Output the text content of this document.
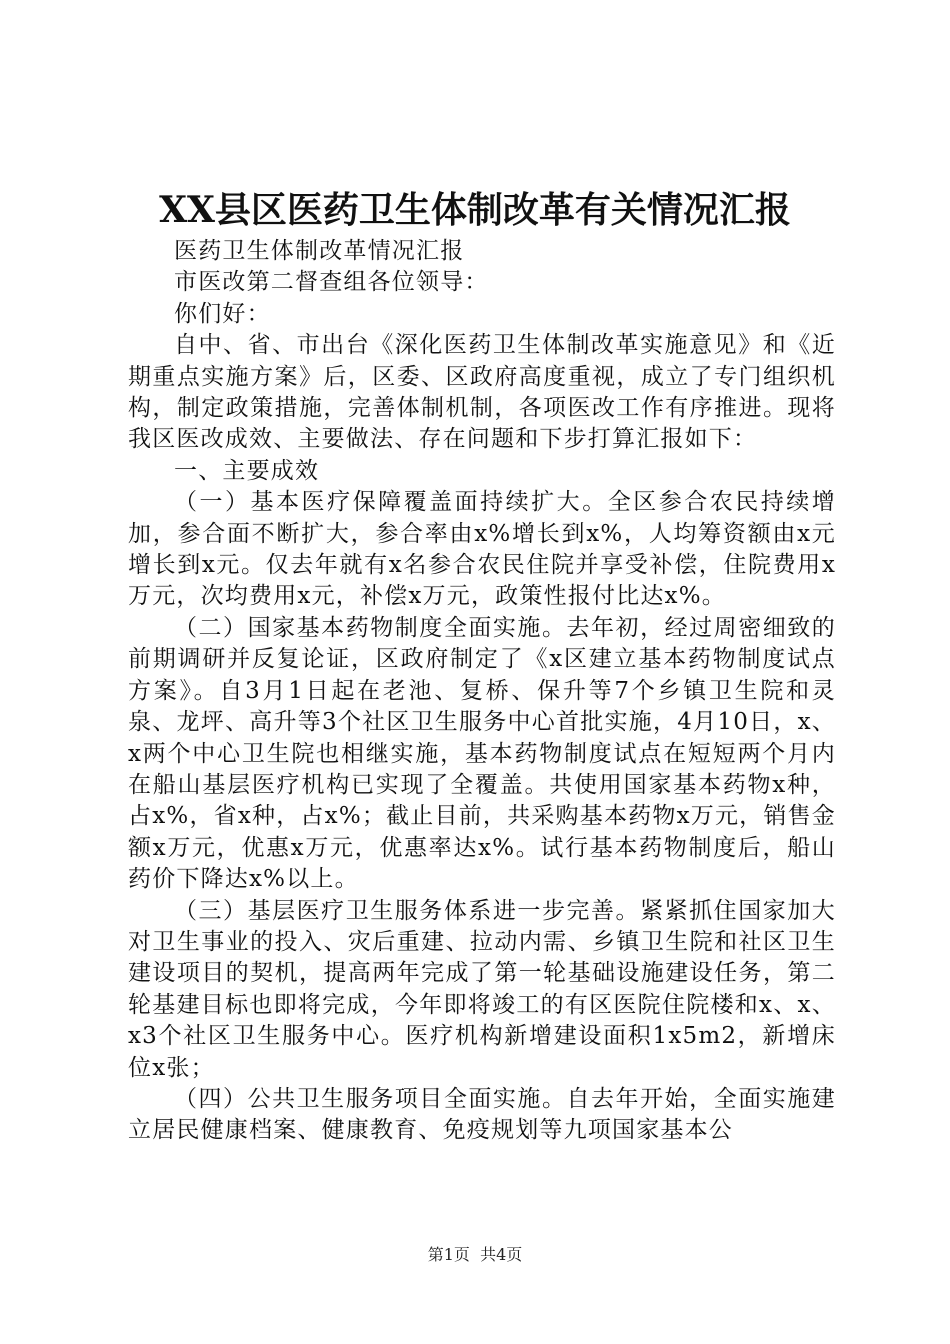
XX县区医药卫生体制改革有关情况汇报

医药卫生体制改革情况汇报

市医改第二督查组各位领导：

你们好：

自中、省、市出台《深化医药卫生体制改革实施意见》和《近期重点实施方案》后，区委、区政府高度重视，成立了专门组织机构，制定政策措施，完善体制机制，各项医改工作有序推进。现将我区医改成效、主要做法、存在问题和下步打算汇报如下：

一、主要成效

（一）基本医疗保障覆盖面持续扩大。全区参合农民持续增加，参合面不断扩大，参合率由x%增长到x%，人均筹资额由x元增长到x元。仅去年就有x名参合农民住院并享受补偿，住院费用x万元，次均费用x元，补偿x万元，政策性报付比达x%。

（二）国家基本药物制度全面实施。去年初，经过周密细致的前期调研并反复论证，区政府制定了《x区建立基本药物制度试点方案》。自3月1日起在老池、复桥、保升等7个乡镇卫生院和灵泉、龙坪、高升等3个社区卫生服务中心首批实施，4月10日，x、x两个中心卫生院也相继实施，基本药物制度试点在短短两个月内在船山基层医疗机构已实现了全覆盖。共使用国家基本药物x种，占x%，省x种，占x%；截止目前，共采购基本药物x万元，销售金额x万元，优惠x万元，优惠率达x%。试行基本药物制度后，船山药价下降达x%以上。

（三）基层医疗卫生服务体系进一步完善。紧紧抓住国家加大对卫生事业的投入、灾后重建、拉动内需、乡镇卫生院和社区卫生建设项目的契机，提高两年完成了第一轮基础设施建设任务，第二轮基建目标也即将完成，今年即将竣工的有区医院住院楼和x、x、x3个社区卫生服务中心。医疗机构新增建设面积1x5m2，新增床位x张；

（四）公共卫生服务项目全面实施。自去年开始，全面实施建立居民健康档案、健康教育、免疫规划等九项国家基本公

第1页 共4页
